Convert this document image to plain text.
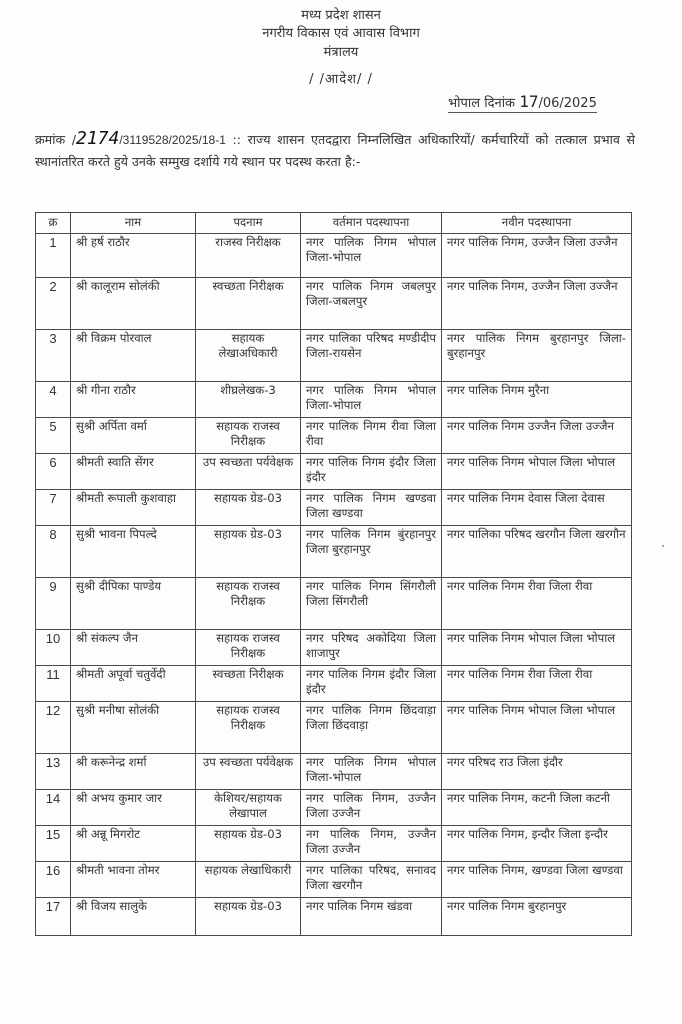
मध्य प्रदेश शासन
नगरीय विकास एवं आवास विभाग
मंत्रालय
/ /आदेश/ /
भोपाल दिनांक 17/06/2025
क्रमांक /2174/3119528/2025/18-1 :: राज्य शासन एतदद्वारा निम्नलिखित अधिकारियों/ कर्मचारियों को तत्काल प्रभाव से स्थानांतरित करते हुये उनके सम्मुख दर्शाये गये स्थान पर पदस्थ करता है:-
क्र	नाम	पदनाम	वर्तमान पदस्थापना	नवीन पदस्थापना
1	श्री हर्ष राठौर	राजस्व निरीक्षक	नगर पालिक निगम भोपाल जिला-भोपाल	नगर पालिक निगम, उज्जैन जिला उज्जैन
2	श्री कालूराम सोलंकी	स्वच्छता निरीक्षक	नगर पालिक निगम जबलपुर जिला-जबलपुर	नगर पालिक निगम, उज्जैन जिला उज्जैन
3	श्री विक्रम पोरवाल	सहायक लेखाअधिकारी	नगर पालिका परिषद मण्डीदीप जिला-रायसेन	नगर पालिक निगम बुरहानपुर जिला- बुरहानपुर
4	श्री गीना राठौर	शीघ्रलेखक-3	नगर पालिक निगम भोपाल जिला-भोपाल	नगर पालिक निगम मुरैना
5	सुश्री अर्पिता वर्मा	सहायक राजस्व निरीक्षक	नगर पालिक निगम रीवा जिला रीवा	नगर पालिक निगम उज्जैन जिला उज्जैन
6	श्रीमती स्वाति सेंगर	उप स्वच्छता पर्यवेक्षक	नगर पालिक निगम इंदौर जिला इंदौर	नगर पालिक निगम भोपाल जिला भोपाल
7	श्रीमती रूपाली कुशवाहा	सहायक ग्रेड-03	नगर पालिक निगम खण्डवा जिला खण्डवा	नगर पालिक निगम देवास जिला देवास
8	सुश्री भावना पिपल्दे	सहायक ग्रेड-03	नगर पालिक निगम बुंरहानपुर जिला बुरहानपुर	नगर पालिका परिषद खरगौन जिला खरगौन
9	सुश्री दीपिका पाण्डेय	सहायक राजस्व निरीक्षक	नगर पालिक निगम सिंगरौली जिला सिंगरौली	नगर पालिक निगम रीवा जिला रीवा
10	श्री संकल्प जैन	सहायक राजस्व निरीक्षक	नगर परिषद अकोदिया जिला शाजापुर	नगर पालिक निगम भोपाल जिला भोपाल
11	श्रीमती अपूर्वा चतुर्वेदी	स्वच्छता निरीक्षक	नगर पालिक निगम इंदौर जिला इंदौर	नगर पालिक निगम रीवा जिला रीवा
12	सुश्री मनीषा सोलंकी	सहायक राजस्व निरीक्षक	नगर पालिक निगम छिंदवाड़ा जिला छिंदवाड़ा	नगर पालिक निगम भोपाल जिला भोपाल
13	श्री करूनेन्द्र शर्मा	उप स्वच्छता पर्यवेक्षक	नगर पालिक निगम भोपाल जिला-भोपाल	नगर परिषद राउ जिला इंदौर
14	श्री अभय कुमार जार	केशियर/सहायक लेखापाल	नगर पालिक निगम, उज्जैन जिला उज्जैन	नगर पालिक निगम, कटनी जिला कटनी
15	श्री अन्नू मिगरोट	सहायक ग्रेड-03	नग पालिक निगम, उज्जैन जिला उज्जैन	नगर पालिक निगम, इन्दौर जिला इन्दौर
16	श्रीमती भावना तोमर	सहायक लेखाधिकारी	नगर पालिका परिषद, सनावद जिला खरगौन	नगर पालिक निगम, खण्डवा जिला खण्डवा
17	श्री विजय सालुके	सहायक ग्रेड-03	नगर पालिक निगम खंडवा	नगर पालिक निगम बुरहानपुर
